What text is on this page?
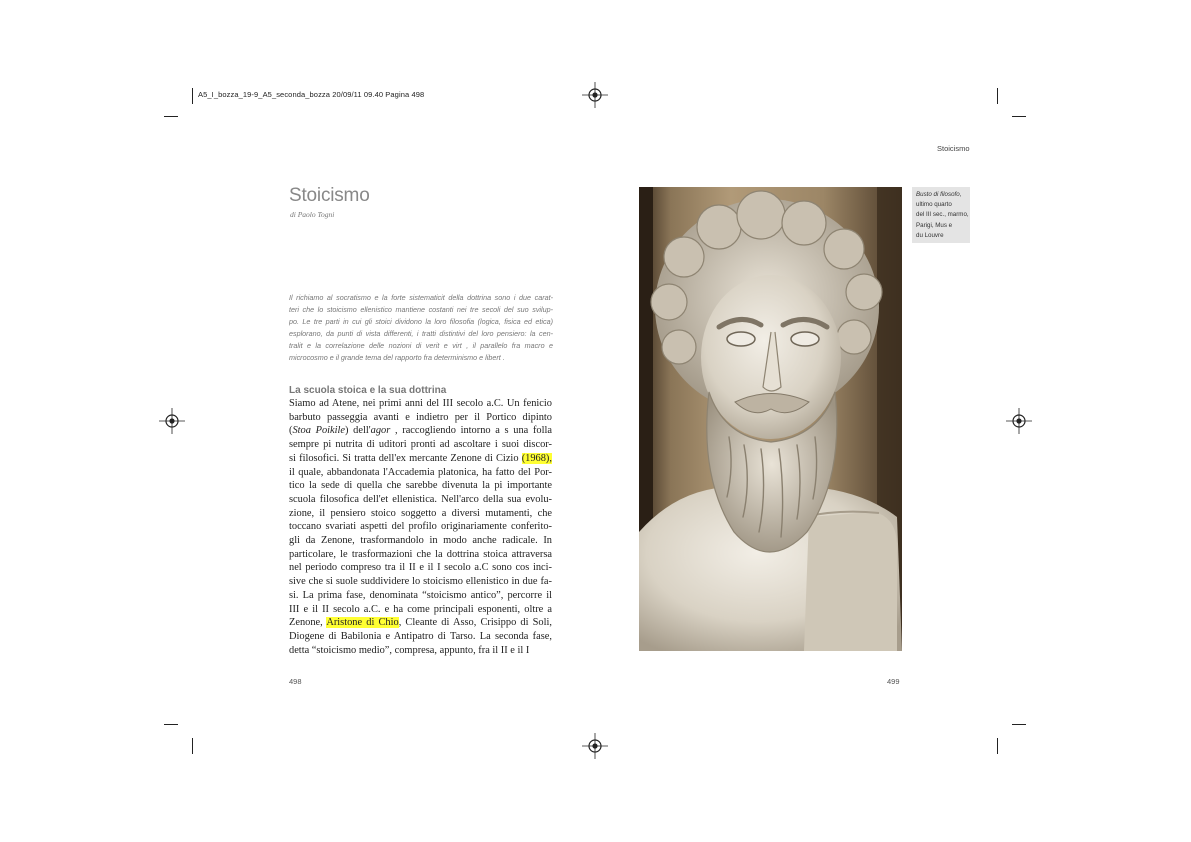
A5_I_bozza_19-9_A5_seconda_bozza 20/09/11 09.40 Pagina 498
Stoicismo
Stoicismo
di Paolo Togni
Il richiamo al socratismo e la forte sistematicit della dottrina sono i due carat-
teri che lo stoicismo ellenistico mantiene costanti nei tre secoli del suo svilup-
po. Le tre parti in cui gli stoici dividono la loro filosofia (logica, fisica ed etica)
esplorano, da punti di vista differenti, i tratti distintivi del loro pensiero: la cen-
tralit e la correlazione delle nozioni di verit e virt , il parallelo fra macro e
microcosmo e il grande tema del rapporto fra determinismo e libert .
La scuola stoica e la sua dottrina
Siamo ad Atene, nei primi anni del III secolo a.C. Un fenicio
barbuto passeggia avanti e indietro per il Portico dipinto
(Stoa Poikile) dell'agor , raccogliendo intorno a s una folla
sempre pi nutrita di uditori pronti ad ascoltare i suoi discor-
si filosofici. Si tratta dell'ex mercante Zenone di Cizio (1968),
il quale, abbandonata l'Accademia platonica, ha fatto del Por-
tico la sede di quella che sarebbe divenuta la pi importante
scuola filosofica dell'et ellenistica. Nell'arco della sua evolu-
zione, il pensiero stoico soggetto a diversi mutamenti, che
toccano svariati aspetti del profilo originariamente conferito-
gli da Zenone, trasformandolo in modo anche radicale. In
particolare, le trasformazioni che la dottrina stoica attraversa
nel periodo compreso tra il II e il I secolo a.C sono cos inci-
sive che si suole suddividere lo stoicismo ellenistico in due fa-
si. La prima fase, denominata “stoicismo antico”, percorre il
III e il II secolo a.C. e ha come principali esponenti, oltre a
Zenone, Aristone di Chio, Cleante di Asso, Crisippo di Soli,
Diogene di Babilonia e Antipatro di Tarso. La seconda fase,
detta “stoicismo medio”, compresa, appunto, fra il II e il I
498	499
Busto di filosofo,
ultimo quarto
del III sec., marmo,
Parigi, Mus e
du Louvre
